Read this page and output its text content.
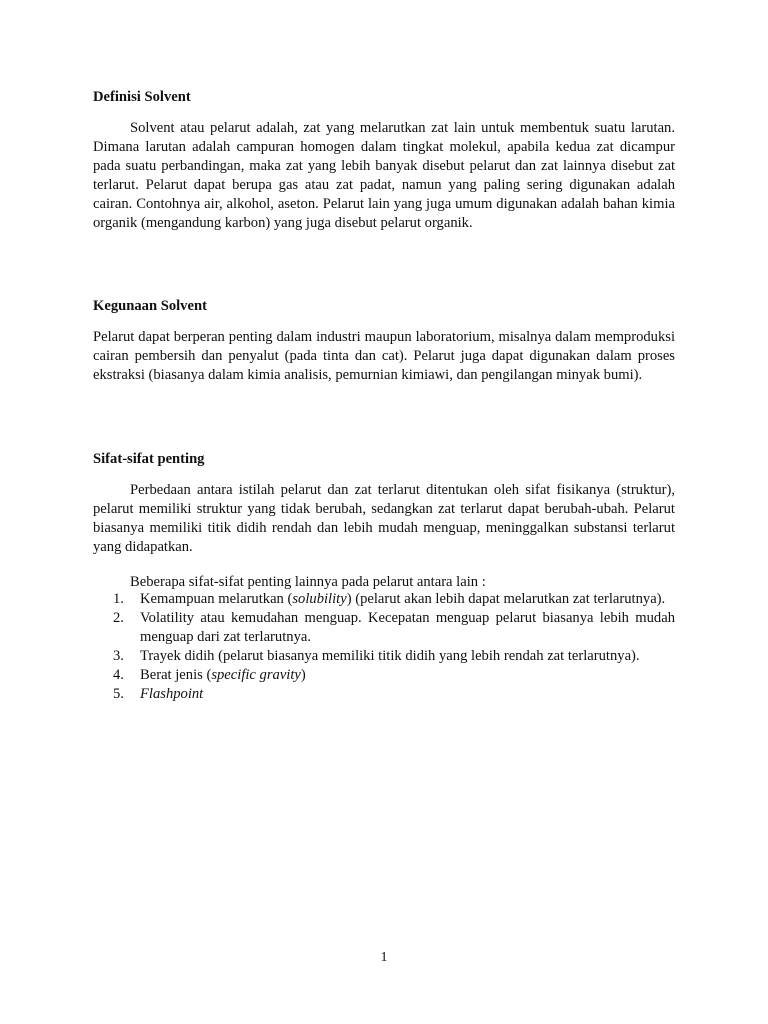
Definisi Solvent

Solvent atau pelarut adalah, zat yang melarutkan zat lain untuk membentuk suatu larutan. Dimana larutan adalah campuran homogen dalam tingkat molekul, apabila kedua zat dicampur pada suatu perbandingan, maka zat yang lebih banyak disebut pelarut dan zat lainnya disebut zat terlarut. Pelarut dapat berupa gas atau zat padat, namun yang paling sering digunakan adalah cairan. Contohnya air, alkohol, aseton. Pelarut lain yang juga umum digunakan adalah bahan kimia organik (mengandung karbon) yang juga disebut pelarut organik.

Kegunaan Solvent

Pelarut dapat berperan penting dalam industri maupun laboratorium, misalnya dalam memproduksi cairan pembersih dan penyalut (pada tinta dan cat). Pelarut juga dapat digunakan dalam proses ekstraksi (biasanya dalam kimia analisis, pemurnian kimiawi, dan pengilangan minyak bumi).

Sifat-sifat penting

Perbedaan antara istilah pelarut dan zat terlarut ditentukan oleh sifat fisikanya (struktur), pelarut memiliki struktur yang tidak berubah, sedangkan zat terlarut dapat berubah-ubah. Pelarut biasanya memiliki titik didih rendah dan lebih mudah menguap, meninggalkan substansi terlarut yang didapatkan.

Beberapa sifat-sifat penting lainnya pada pelarut antara lain :

1. Kemampuan melarutkan (solubility) (pelarut akan lebih dapat melarutkan zat terlarutnya).
2. Volatility atau kemudahan menguap. Kecepatan menguap pelarut biasanya lebih mudah menguap dari zat terlarutnya.
3. Trayek didih (pelarut biasanya memiliki titik didih yang lebih rendah zat terlarutnya).
4. Berat jenis (specific gravity)
5. Flashpoint
1
